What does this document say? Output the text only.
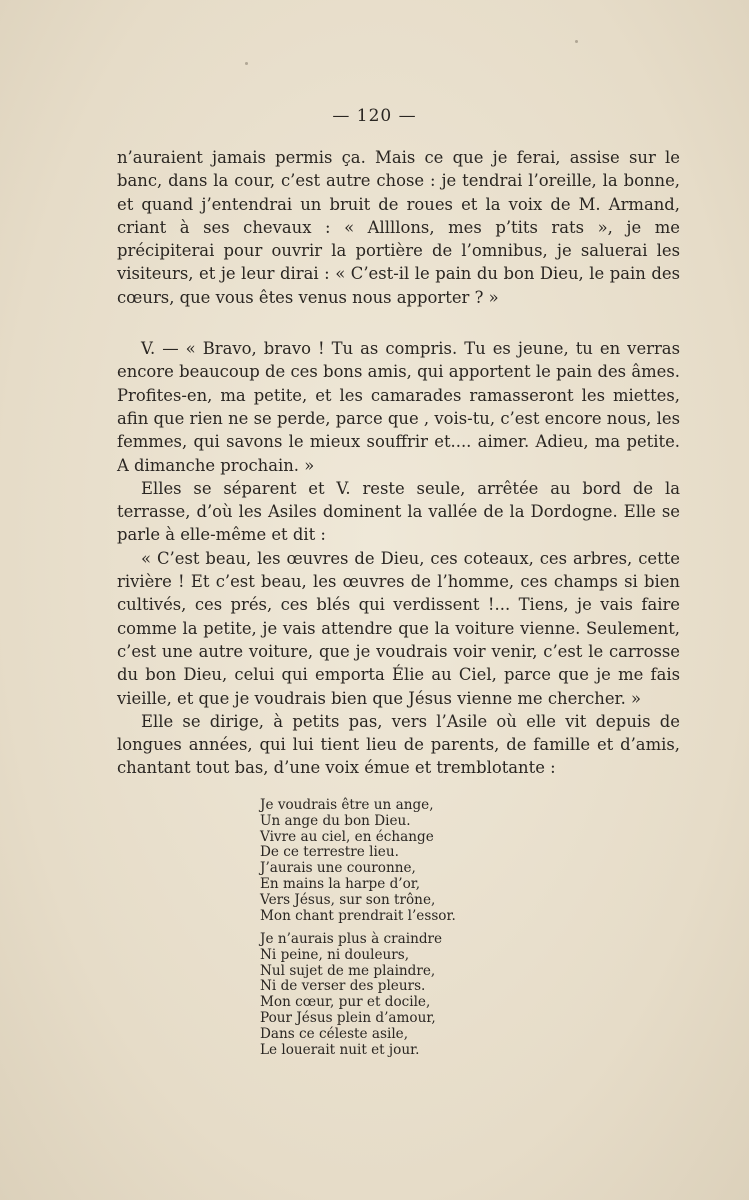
— 120 —

n’auraient jamais permis ça. Mais ce que je ferai, assise sur le banc, dans la cour, c’est autre chose : je tendrai l’oreille, la bonne, et quand j’entendrai un bruit de roues et la voix de M. Armand, criant à ses chevaux : « Allllons, mes p’tits rats », je me précipiterai pour ouvrir la portière de l’omnibus, je saluerai les visiteurs, et je leur dirai : « C’est-il le pain du bon Dieu, le pain des cœurs, que vous êtes venus nous apporter ? »

V. — « Bravo, bravo ! Tu as compris. Tu es jeune, tu en verras encore beaucoup de ces bons amis, qui apportent le pain des âmes. Profites-en, ma petite, et les camarades ramasseront les miettes, afin que rien ne se perde, parce que , vois-tu, c’est encore nous, les femmes, qui savons le mieux souffrir et.... aimer. Adieu, ma petite. A dimanche prochain. »

Elles se séparent et V. reste seule, arrêtée au bord de la terrasse, d’où les Asiles dominent la vallée de la Dordogne. Elle se parle à elle-même et dit :

« C’est beau, les œuvres de Dieu, ces coteaux, ces arbres, cette rivière ! Et c’est beau, les œuvres de l’homme, ces champs si bien cultivés, ces prés, ces blés qui verdissent !... Tiens, je vais faire comme la petite, je vais attendre que la voiture vienne. Seulement, c’est une autre voiture, que je voudrais voir venir, c’est le carrosse du bon Dieu, celui qui emporta Élie au Ciel, parce que je me fais vieille, et que je voudrais bien que Jésus vienne me chercher. »

Elle se dirige, à petits pas, vers l’Asile où elle vit depuis de longues années, qui lui tient lieu de parents, de famille et d’amis, chantant tout bas, d’une voix émue et tremblotante :

Je voudrais être un ange,
Un ange du bon Dieu.
Vivre au ciel, en échange
De ce terrestre lieu.
J’aurais une couronne,
En mains la harpe d’or,
Vers Jésus, sur son trône,
Mon chant prendrait l’essor.
Je n’aurais plus à craindre
Ni peine, ni douleurs,
Nul sujet de me plaindre,
Ni de verser des pleurs.
Mon cœur, pur et docile,
Pour Jésus plein d’amour,
Dans ce céleste asile,
Le louerait nuit et jour.
